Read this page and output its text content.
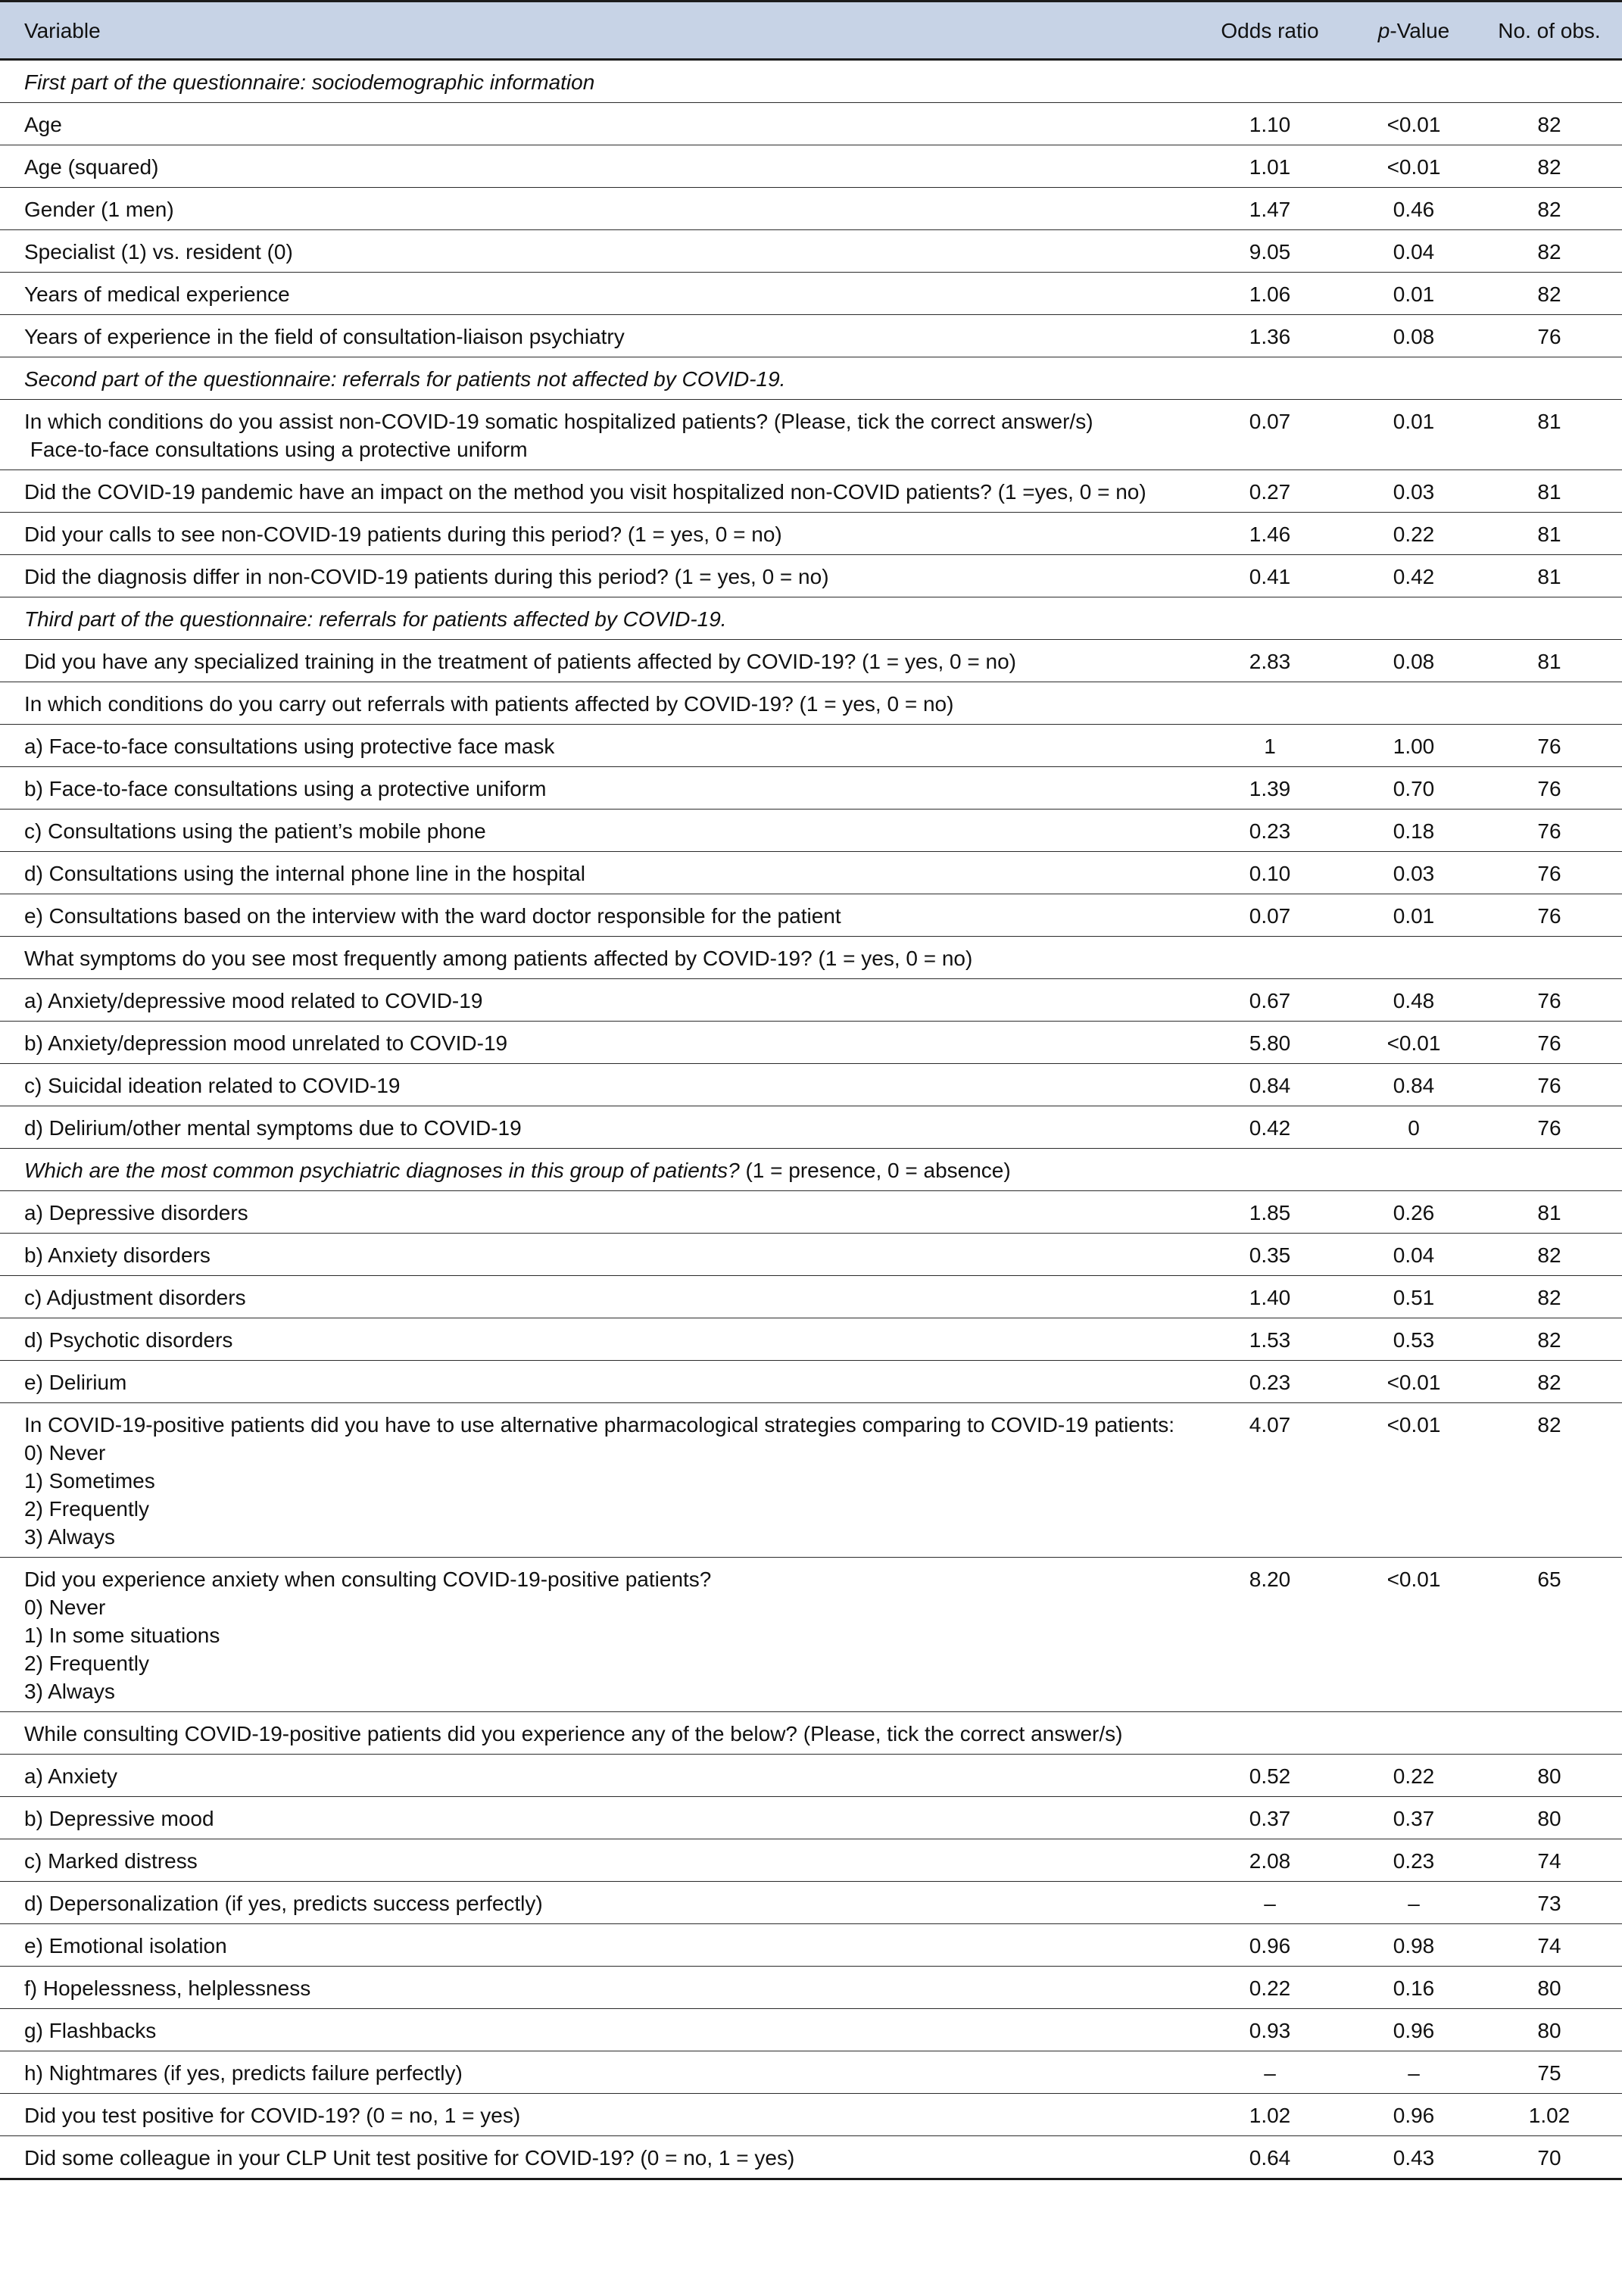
Variable	Odds ratio	p-Value	No. of obs.

First part of the questionnaire: sociodemographic information			

Age	1.10	<0.01	82

Age (squared)	1.01	<0.01	82

Gender (1 men)	1.47	0.46	82

Specialist (1) vs. resident (0)	9.05	0.04	82

Years of medical experience	1.06	0.01	82

Years of experience in the field of consultation-liaison psychiatry	1.36	0.08	76

Second part of the questionnaire: referrals for patients not affected by COVID-19.			

In which conditions do you assist non-COVID-19 somatic hospitalized patients? (Please, tick the correct answer/s)
Face-to-face consultations using a protective uniform	0.07	0.01	81

Did the COVID-19 pandemic have an impact on the method you visit hospitalized non-COVID patients? (1 =yes, 0 = no)	0.27	0.03	81

Did your calls to see non-COVID-19 patients during this period? (1 = yes, 0 = no)	1.46	0.22	81

Did the diagnosis differ in non-COVID-19 patients during this period? (1 = yes, 0 = no)	0.41	0.42	81

Third part of the questionnaire: referrals for patients affected by COVID-19.			

Did you have any specialized training in the treatment of patients affected by COVID-19? (1 = yes, 0 = no)	2.83	0.08	81

In which conditions do you carry out referrals with patients affected by COVID-19? (1 = yes, 0 = no)			

a) Face-to-face consultations using protective face mask	1	1.00	76

b) Face-to-face consultations using a protective uniform	1.39	0.70	76

c) Consultations using the patient’s mobile phone	0.23	0.18	76

d) Consultations using the internal phone line in the hospital	0.10	0.03	76

e) Consultations based on the interview with the ward doctor responsible for the patient	0.07	0.01	76

What symptoms do you see most frequently among patients affected by COVID-19? (1 = yes, 0 = no)			

a) Anxiety/depressive mood related to COVID-19	0.67	0.48	76

b) Anxiety/depression mood unrelated to COVID-19	5.80	<0.01	76

c) Suicidal ideation related to COVID-19	0.84	0.84	76

d) Delirium/other mental symptoms due to COVID-19	0.42	0	76
Which are the most common psychiatric diagnoses in this group of patients? (1 = presence, 0 = absence)			

a) Depressive disorders	1.85	0.26	81

b) Anxiety disorders	0.35	0.04	82

c) Adjustment disorders	1.40	0.51	82

d) Psychotic disorders	1.53	0.53	82

e) Delirium	0.23	<0.01	82

In COVID-19-positive patients did you have to use alternative pharmacological strategies comparing to COVID-19 patients:
0) Never
1) Sometimes
2) Frequently
3) Always	4.07	<0.01	82

Did you experience anxiety when consulting COVID-19-positive patients?
0) Never
1) In some situations
2) Frequently
3) Always	8.20	<0.01	65

While consulting COVID-19-positive patients did you experience any of the below? (Please, tick the correct answer/s)			

a) Anxiety	0.52	0.22	80

b) Depressive mood	0.37	0.37	80

c) Marked distress	2.08	0.23	74

d) Depersonalization (if yes, predicts success perfectly)	–	–	73

e) Emotional isolation	0.96	0.98	74

f) Hopelessness, helplessness	0.22	0.16	80

g) Flashbacks	0.93	0.96	80

h) Nightmares (if yes, predicts failure perfectly)	–	–	75

Did you test positive for COVID-19? (0 = no, 1 = yes)	1.02	0.96	1.02

Did some colleague in your CLP Unit test positive for COVID-19? (0 = no, 1 = yes)	0.64	0.43	70
